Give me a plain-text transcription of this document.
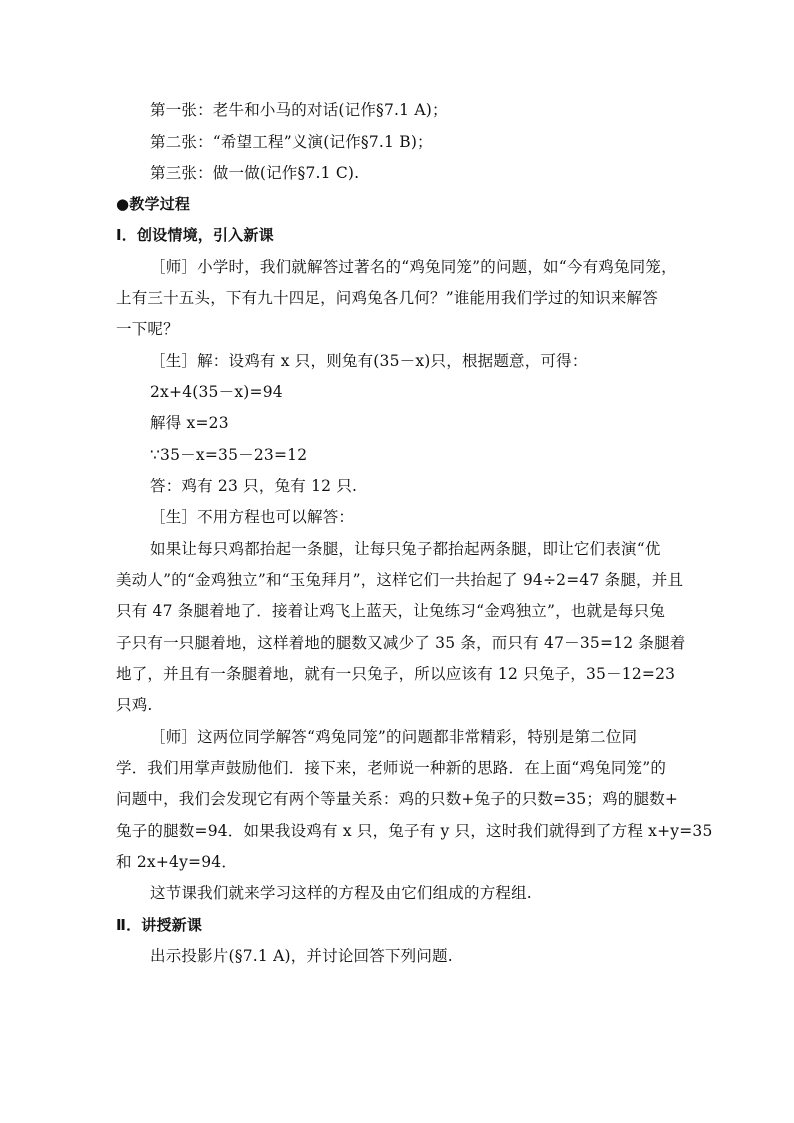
第一张：老牛和小马的对话(记作§7.1 A)；
第二张：“希望工程”义演(记作§7.1 B)；
第三张：做一做(记作§7.1 C).
●教学过程
Ⅰ．创设情境，引入新课
［师］小学时，我们就解答过著名的“鸡兔同笼”的问题，如“今有鸡兔同笼，
上有三十五头，下有九十四足，问鸡兔各几何？”谁能用我们学过的知识来解答
一下呢？
［生］解：设鸡有 x 只，则兔有(35－x)只，根据题意，可得：
2x+4(35－x)=94
解得 x=23
∵35－x=35－23=12
答：鸡有 23 只，兔有 12 只.
［生］不用方程也可以解答：
如果让每只鸡都抬起一条腿，让每只兔子都抬起两条腿，即让它们表演“优
美动人”的“金鸡独立”和“玉兔拜月”，这样它们一共抬起了 94÷2=47 条腿，并且
只有 47 条腿着地了．接着让鸡飞上蓝天，让兔练习“金鸡独立”，也就是每只兔
子只有一只腿着地，这样着地的腿数又减少了 35 条，而只有 47－35=12 条腿着
地了，并且有一条腿着地，就有一只兔子，所以应该有 12 只兔子，35－12=23
只鸡.
［师］这两位同学解答“鸡兔同笼”的问题都非常精彩，特别是第二位同
学．我们用掌声鼓励他们．接下来，老师说一种新的思路．在上面“鸡兔同笼”的
问题中，我们会发现它有两个等量关系：鸡的只数+兔子的只数=35；鸡的腿数+
兔子的腿数=94．如果我设鸡有 x 只，兔子有 y 只，这时我们就得到了方程 x+y=35
和 2x+4y=94．
这节课我们就来学习这样的方程及由它们组成的方程组.
Ⅱ．讲授新课
出示投影片(§7.1 A)，并讨论回答下列问题.
